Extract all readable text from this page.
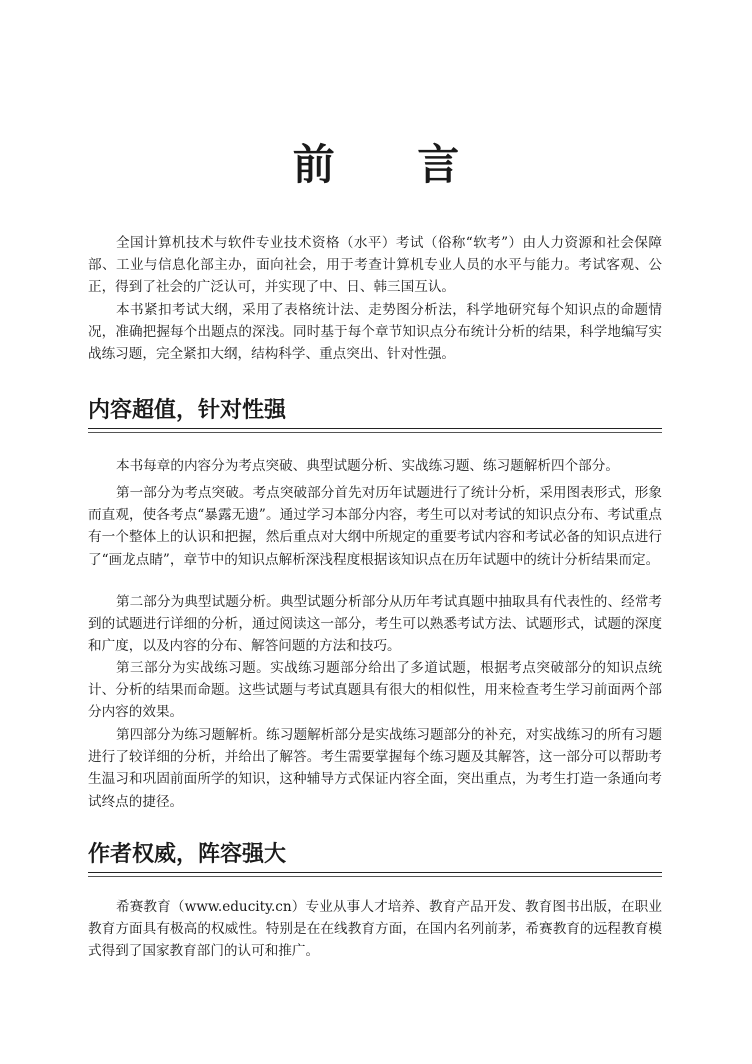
前 言

全国计算机技术与软件专业技术资格（水平）考试（俗称“软考”）由人力资源和社会保障部、工业与信息化部主办，面向社会，用于考查计算机专业人员的水平与能力。考试客观、公正，得到了社会的广泛认可，并实现了中、日、韩三国互认。

本书紧扣考试大纲，采用了表格统计法、走势图分析法，科学地研究每个知识点的命题情况，准确把握每个出题点的深浅。同时基于每个章节知识点分布统计分析的结果，科学地编写实战练习题，完全紧扣大纲，结构科学、重点突出、针对性强。

内容超值，针对性强

本书每章的内容分为考点突破、典型试题分析、实战练习题、练习题解析四个部分。

第一部分为考点突破。考点突破部分首先对历年试题进行了统计分析，采用图表形式，形象而直观，使各考点“暴露无遗”。通过学习本部分内容，考生可以对考试的知识点分布、考试重点有一个整体上的认识和把握，然后重点对大纲中所规定的重要考试内容和考试必备的知识点进行了“画龙点睛”，章节中的知识点解析深浅程度根据该知识点在历年试题中的统计分析结果而定。

第二部分为典型试题分析。典型试题分析部分从历年考试真题中抽取具有代表性的、经常考到的试题进行详细的分析，通过阅读这一部分，考生可以熟悉考试方法、试题形式，试题的深度和广度，以及内容的分布、解答问题的方法和技巧。

第三部分为实战练习题。实战练习题部分给出了多道试题，根据考点突破部分的知识点统计、分析的结果而命题。这些试题与考试真题具有很大的相似性，用来检查考生学习前面两个部分内容的效果。

第四部分为练习题解析。练习题解析部分是实战练习题部分的补充，对实战练习的所有习题进行了较详细的分析，并给出了解答。考生需要掌握每个练习题及其解答，这一部分可以帮助考生温习和巩固前面所学的知识，这种辅导方式保证内容全面，突出重点，为考生打造一条通向考试终点的捷径。

作者权威，阵容强大

希赛教育（www.educity.cn）专业从事人才培养、教育产品开发、教育图书出版，在职业教育方面具有极高的权威性。特别是在在线教育方面，在国内名列前茅，希赛教育的远程教育模式得到了国家教育部门的认可和推广。
